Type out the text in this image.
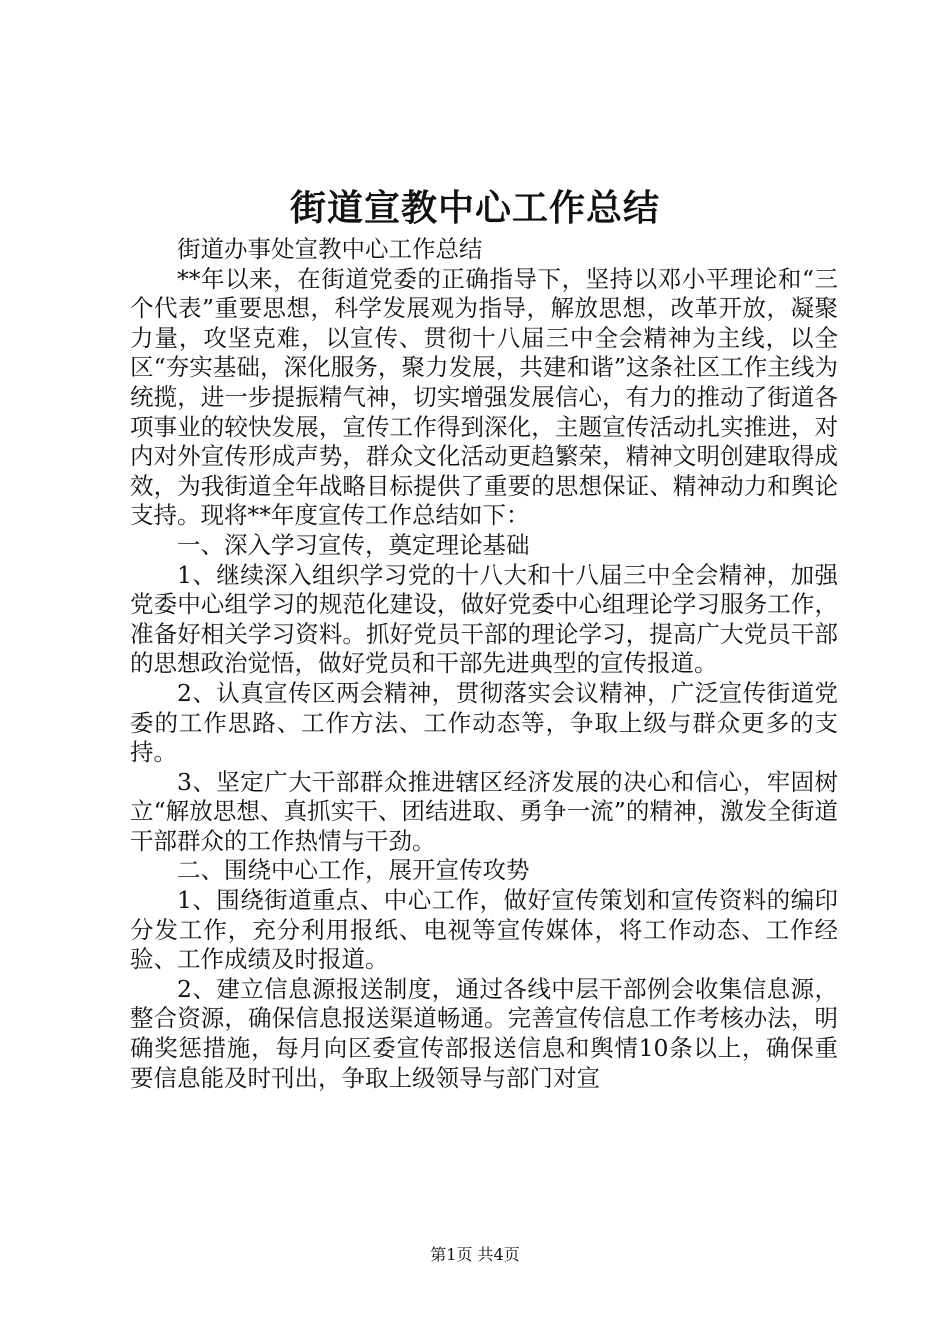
街道宣教中心工作总结

街道办事处宣教中心工作总结

**年以来，在街道党委的正确指导下，坚持以邓小平理论和“三个代表”重要思想，科学发展观为指导，解放思想，改革开放，凝聚力量，攻坚克难，以宣传、贯彻十八届三中全会精神为主线，以全区“夯实基础，深化服务，聚力发展，共建和谐”这条社区工作主线为统揽，进一步提振精气神，切实增强发展信心，有力的推动了街道各项事业的较快发展，宣传工作得到深化，主题宣传活动扎实推进，对内对外宣传形成声势，群众文化活动更趋繁荣，精神文明创建取得成效，为我街道全年战略目标提供了重要的思想保证、精神动力和舆论支持。现将**年度宣传工作总结如下：

一、深入学习宣传，奠定理论基础

1、继续深入组织学习党的十八大和十八届三中全会精神，加强党委中心组学习的规范化建设，做好党委中心组理论学习服务工作，准备好相关学习资料。抓好党员干部的理论学习，提高广大党员干部的思想政治觉悟，做好党员和干部先进典型的宣传报道。

2、认真宣传区两会精神，贯彻落实会议精神，广泛宣传街道党委的工作思路、工作方法、工作动态等，争取上级与群众更多的支持。

3、坚定广大干部群众推进辖区经济发展的决心和信心，牢固树立“解放思想、真抓实干、团结进取、勇争一流”的精神，激发全街道干部群众的工作热情与干劲。

二、围绕中心工作，展开宣传攻势

1、围绕街道重点、中心工作，做好宣传策划和宣传资料的编印分发工作，充分利用报纸、电视等宣传媒体，将工作动态、工作经验、工作成绩及时报道。

2、建立信息源报送制度，通过各线中层干部例会收集信息源，整合资源，确保信息报送渠道畅通。完善宣传信息工作考核办法，明确奖惩措施，每月向区委宣传部报送信息和舆情10条以上，确保重要信息能及时刊出，争取上级领导与部门对宣

第1页 共4页
